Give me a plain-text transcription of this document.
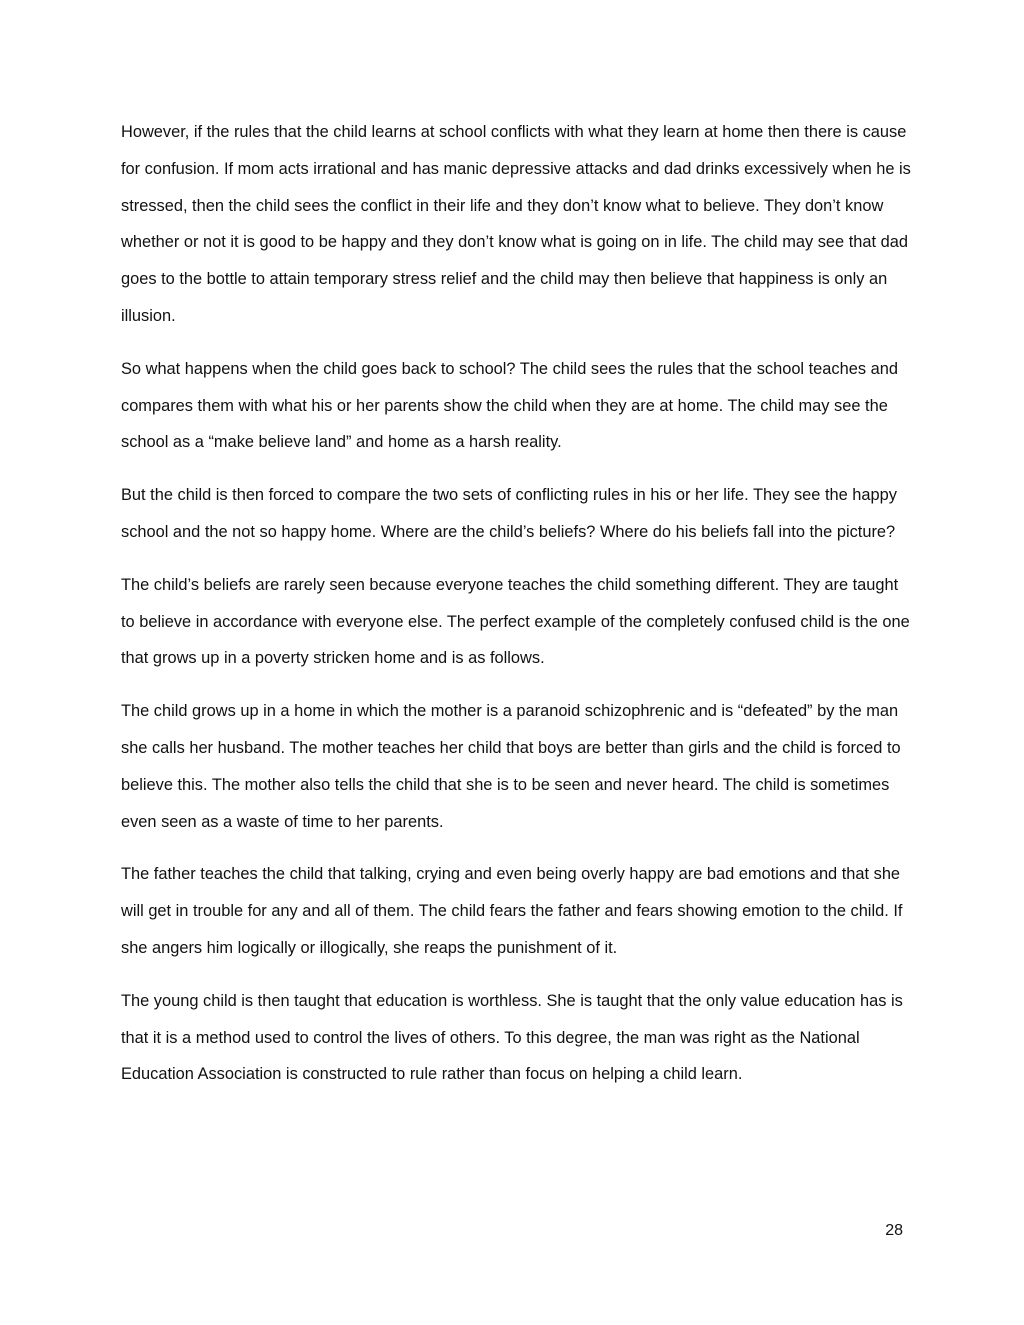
However, if the rules that the child learns at school conflicts with what they learn at home then there is cause for confusion. If mom acts irrational and has manic depressive attacks and dad drinks excessively when he is stressed, then the child sees the conflict in their life and they don’t know what to believe. They don’t know whether or not it is good to be happy and they don’t know what is going on in life. The child may see that dad goes to the bottle to attain temporary stress relief and the child may then believe that happiness is only an illusion.

So what happens when the child goes back to school? The child sees the rules that the school teaches and compares them with what his or her parents show the child when they are at home. The child may see the school as a “make believe land” and home as a harsh reality.

But the child is then forced to compare the two sets of conflicting rules in his or her life. They see the happy school and the not so happy home. Where are the child’s beliefs? Where do his beliefs fall into the picture?

The child’s beliefs are rarely seen because everyone teaches the child something different. They are taught to believe in accordance with everyone else. The perfect example of the completely confused child is the one that grows up in a poverty stricken home and is as follows.

The child grows up in a home in which the mother is a paranoid schizophrenic and is “defeated” by the man she calls her husband. The mother teaches her child that boys are better than girls and the child is forced to believe this. The mother also tells the child that she is to be seen and never heard. The child is sometimes even seen as a waste of time to her parents.

The father teaches the child that talking, crying and even being overly happy are bad emotions and that she will get in trouble for any and all of them. The child fears the father and fears showing emotion to the child. If she angers him logically or illogically, she reaps the punishment of it.

The young child is then taught that education is worthless. She is taught that the only value education has is that it is a method used to control the lives of others. To this degree, the man was right as the National Education Association is constructed to rule rather than focus on helping a child learn.

28
